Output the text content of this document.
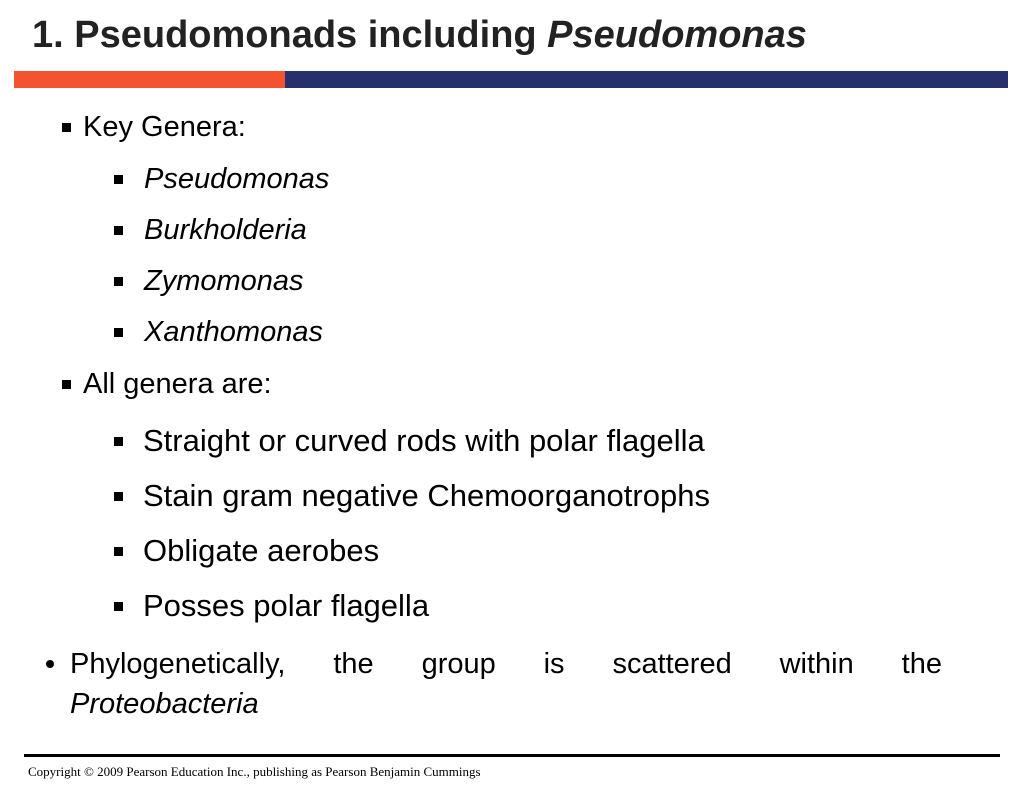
1. Pseudomonads including Pseudomonas
Key Genera:
Pseudomonas
Burkholderia
Zymomonas
Xanthomonas
All genera are:
Straight or curved rods with polar flagella
Stain gram negative Chemoorganotrophs
Obligate aerobes
Posses polar flagella
Phylogenetically, the group is scattered within the
Proteobacteria
Copyright © 2009 Pearson Education Inc., publishing as Pearson Benjamin Cummings
